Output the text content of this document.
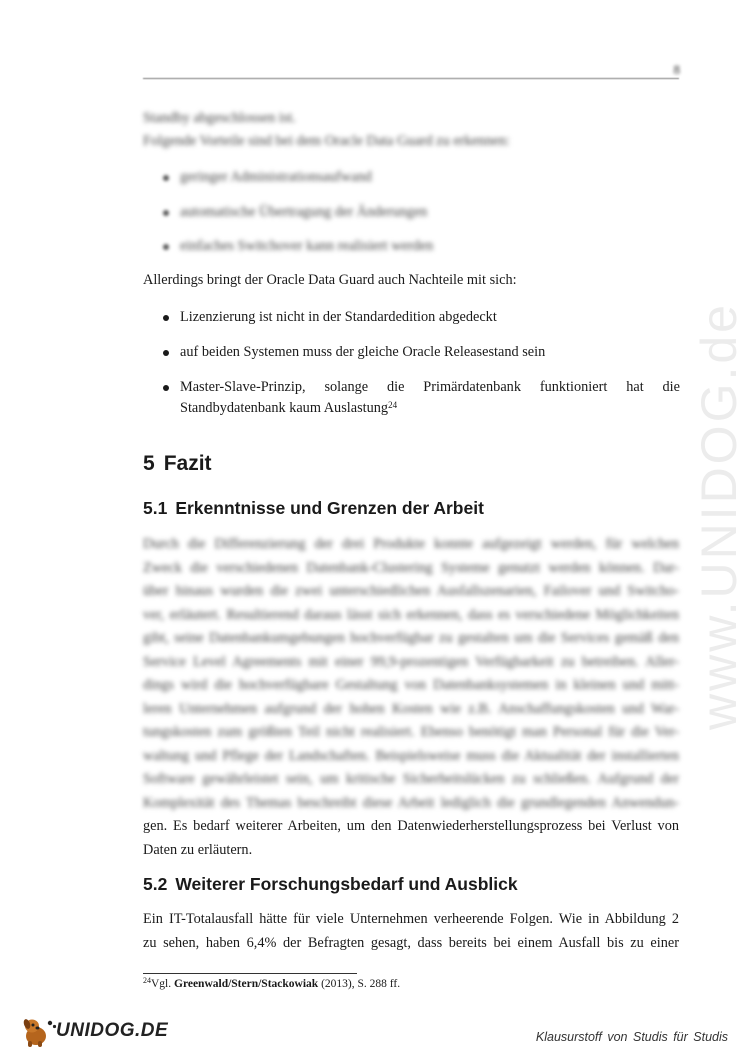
8
Standby abgeschlossen ist.
Folgende Vorteile sind bei dem Oracle Data Guard zu erkennen:
geringer Administrationsaufwand
automatische Übertragung der Änderungen
einfaches Switchover kann realisiert werden
Allerdings bringt der Oracle Data Guard auch Nachteile mit sich:
Lizenzierung ist nicht in der Standardedition abgedeckt
auf beiden Systemen muss der gleiche Oracle Releasestand sein
Master-Slave-Prinzip, solange die Primärdatenbank funktioniert hat die Standbydatenbank kaum Auslastung$^{24}$
5 Fazit
5.1 Erkenntnisse und Grenzen der Arbeit
Durch die Differenzierung der drei Produkte konnte aufgezeigt werden, für welchen
Zweck die verschiedenen Datenbank-Clustering Systeme genutzt werden können. Dar-
über hinaus wurden die zwei unterschiedlichen Ausfallszenarien, Failover und Switcho-
ver, erläutert. Resultierend daraus lässt sich erkennen, dass es verschiedene Möglichkeiten
gibt, seine Datenbankumgebungen hochverfügbar zu gestalten um die Services gemäß den
Service Level Agreements mit einer 99,9-prozentigen Verfügbarkeit zu betreiben. Aller-
dings wird die hochverfügbare Gestaltung von Datenbanksystemen in kleinen und mitt-
leren Unternehmen aufgrund der hohen Kosten wie z.B. Anschaffungskosten und War-
tungskosten zum größten Teil nicht realisiert. Ebenso benötigt man Personal für die Ver-
waltung und Pflege der Landschaften. Beispielsweise muss die Aktualität der installierten
Software gewährleistet sein, um kritische Sicherheitslücken zu schließen. Aufgrund der
Komplexität des Themas beschreibt diese Arbeit lediglich die grundlegenden Anwendun-
gen. Es bedarf weiterer Arbeiten, um den Datenwiederherstellungsprozess bei Verlust von
Daten zu erläutern.
5.2 Weiterer Forschungsbedarf und Ausblick
Ein IT-Totalausfall hätte für viele Unternehmen verheerende Folgen. Wie in Abbildung 2
zu sehen, haben 6,4% der Befragten gesagt, dass bereits bei einem Ausfall bis zu einer
$^{24}$Vgl. Greenwald/Stern/Stackowiak (2013), S. 288 ff.
www.UNIDOG.de
UNIDOG.DE	Klausurstoff von Studis für Studis
